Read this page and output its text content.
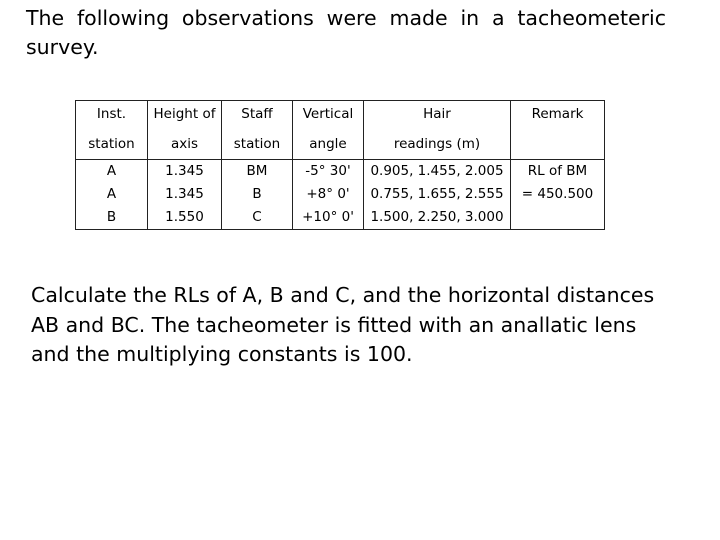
The following observations were made in a tacheometeric survey.

Inst.	Height of	Staff	Vertical	Hair	Remark
station	axis	station	angle	readings (m)	
A	1.345	BM	-5° 30'	0.905, 1.455, 2.005	RL of BM
A	1.345	B	+8° 0'	0.755, 1.655, 2.555	= 450.500
B	1.550	C	+10° 0'	1.500, 2.250, 3.000	

Calculate the RLs of A, B and C, and the horizontal distances AB and BC. The tacheometer is fitted with an anallatic lens and the multiplying constants is 100.
